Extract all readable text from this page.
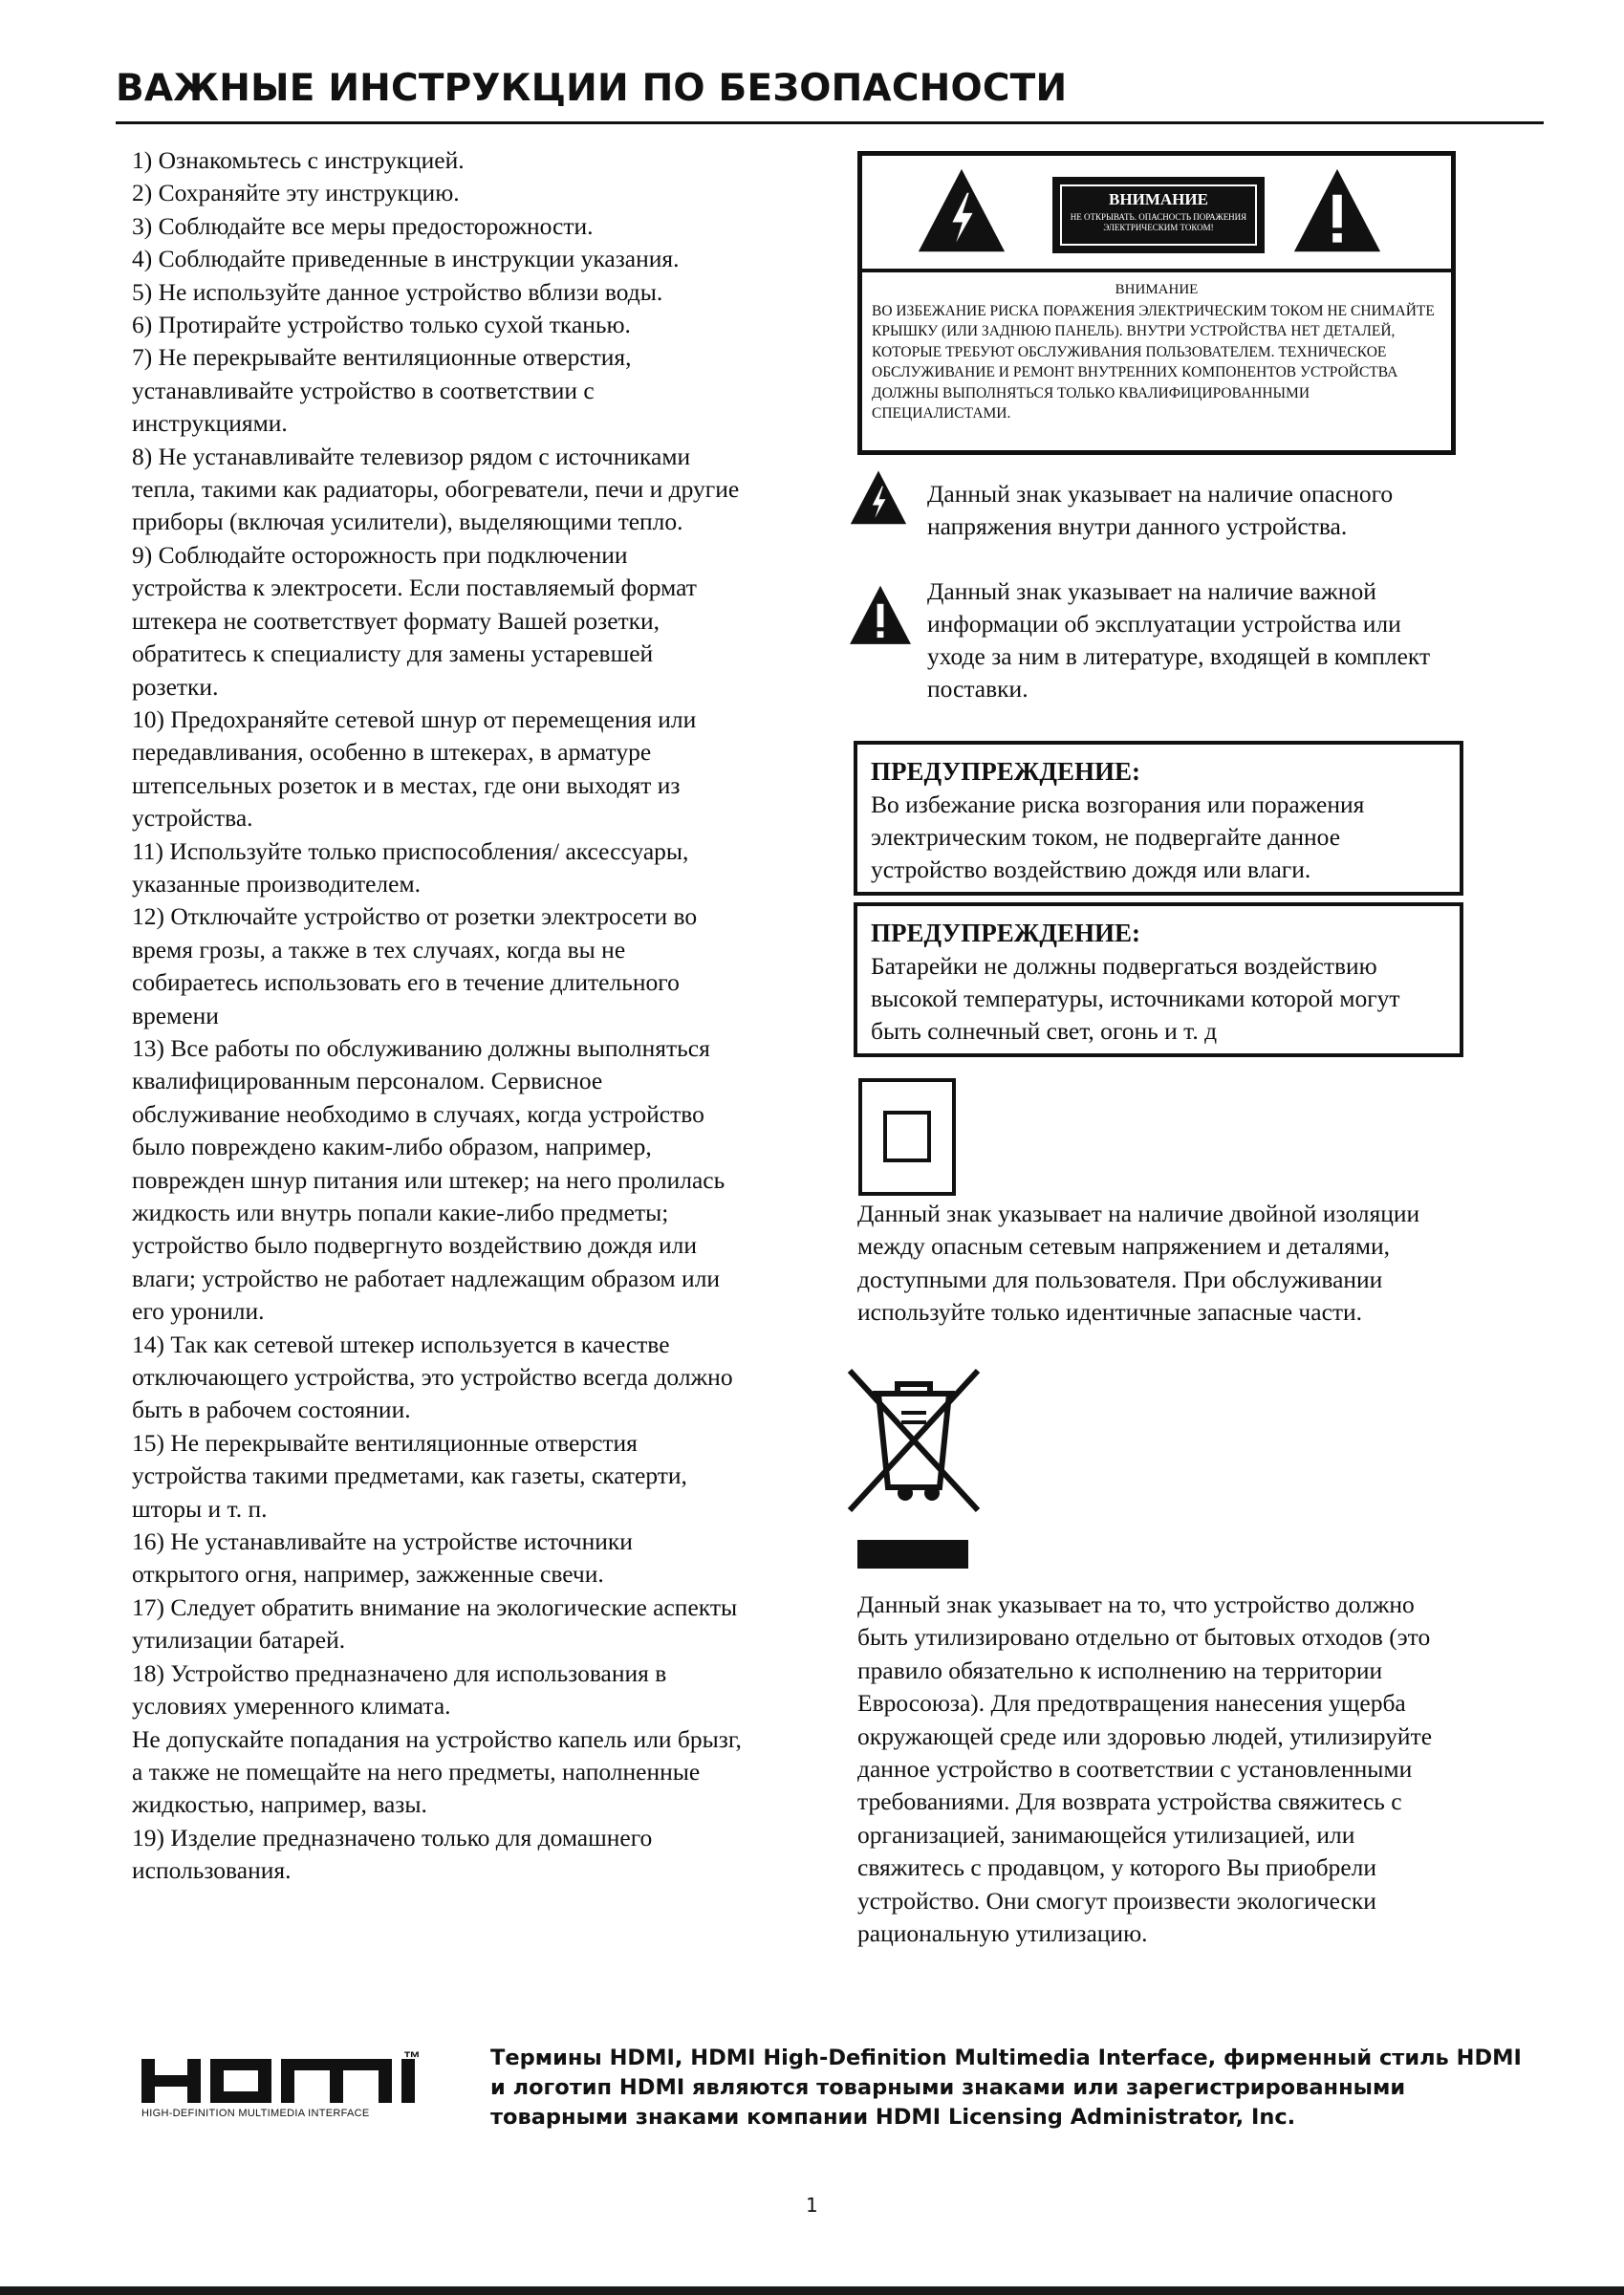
ВАЖНЫЕ ИНСТРУКЦИИ ПО БЕЗОПАСНОСТИ

1) Ознакомьтесь с инструкцией.

2) Сохраняйте эту инструкцию.

3) Соблюдайте все меры предосторожности.

4) Соблюдайте приведенные в инструкции указания.

5) Не используйте данное устройство вблизи воды.

6) Протирайте устройство только сухой тканью.

7) Не перекрывайте вентиляционные отверстия, устанавливайте устройство в соответствии с инструкциями.

8) Не устанавливайте телевизор рядом с источниками тепла, такими как радиаторы, обогреватели, печи и другие приборы (включая усилители), выделяющими тепло.

9) Соблюдайте осторожность при подключении устройства к электросети. Если поставляемый формат штекера не соответствует формату Вашей розетки, обратитесь к специалисту для замены устаревшей розетки.

10) Предохраняйте сетевой шнур от перемещения или передавливания, особенно в штекерах, в арматуре штепсельных розеток и в местах, где они выходят из устройства.

11) Используйте только приспособления/ аксессуары, указанные производителем.

12) Отключайте устройство от розетки электросети во время грозы, а также в тех случаях, когда вы не собираетесь использовать его в течение длительного времени

13) Все работы по обслуживанию должны выполняться квалифицированным персоналом. Сервисное обслуживание необходимо в случаях, когда устройство было повреждено каким-либо образом, например, поврежден шнур питания или штекер; на него пролилась жидкость или внутрь попали какие-либо предметы; устройство было подвергнуто воздействию дождя или влаги; устройство не работает надлежащим образом или его уронили.

14) Так как сетевой штекер используется в качестве отключающего устройства, это устройство всегда должно быть в рабочем состоянии.

15) Не перекрывайте вентиляционные отверстия устройства такими предметами, как газеты, скатерти, шторы и т. п.

16) Не устанавливайте на устройстве источники открытого огня, например, зажженные свечи.

17) Следует обратить внимание на экологические аспекты утилизации батарей.

18) Устройство предназначено для использования в условиях умеренного климата.

Не допускайте попадания на устройство капель или брызг, а также не помещайте на него предметы, наполненные жидкостью, например, вазы.

19) Изделие предназначено только для домашнего использования.

ВНИМАНИЕ
НЕ ОТКРЫВАТЬ. ОПАСНОСТЬ ПОРАЖЕНИЯ ЭЛЕКТРИЧЕСКИМ ТОКОМ!
ВНИМАНИЕ
ВО ИЗБЕЖАНИЕ РИСКА ПОРАЖЕНИЯ ЭЛЕКТРИЧЕСКИМ ТОКОМ НЕ СНИМАЙТЕ КРЫШКУ (ИЛИ ЗАДНЮЮ ПАНЕЛЬ). ВНУТРИ УСТРОЙСТВА НЕТ ДЕТАЛЕЙ, КОТОРЫЕ ТРЕБУЮТ ОБСЛУЖИВАНИЯ ПОЛЬЗОВАТЕЛЕМ. ТЕХНИЧЕСКОЕ ОБСЛУЖИВАНИЕ И РЕМОНТ ВНУТРЕННИХ КОМПОНЕНТОВ УСТРОЙСТВА ДОЛЖНЫ ВЫПОЛНЯТЬСЯ ТОЛЬКО КВАЛИФИЦИРОВАННЫМИ СПЕЦИАЛИСТАМИ.
Данный знак указывает на наличие опасного напряжения внутри данного устройства.
Данный знак указывает на наличие важной информации об эксплуатации устройства или уходе за ним в литературе, входящей в комплект поставки.
ПРЕДУПРЕЖДЕНИЕ:
Во избежание риска возгорания или поражения электрическим током, не подвергайте данное устройство воздействию дождя или влаги.
ПРЕДУПРЕЖДЕНИЕ:
Батарейки не должны подвергаться воздействию высокой температуры, источниками которой могут быть солнечный свет, огонь и т. д
Данный знак указывает на наличие двойной изоляции между опасным сетевым напряжением и деталями, доступными для пользователя. При обслуживании используйте только идентичные запасные части.
Данный знак указывает на то, что устройство должно быть утилизировано отдельно от бытовых отходов (это правило обязательно к исполнению на территории Евросоюза). Для предотвращения нанесения ущерба окружающей среде или здоровью людей, утилизируйте данное устройство в соответствии с установленными требованиями. Для возврата устройства свяжитесь с организацией, занимающейся утилизацией, или свяжитесь с продавцом, у которого Вы приобрели устройство. Они смогут произвести экологически рациональную утилизацию.
™
HIGH-DEFINITION MULTIMEDIA INTERFACE
Термины HDMI, HDMI High-Definition Multimedia Interface, фирменный стиль HDMI и логотип HDMI являются товарными знаками или зарегистрированными товарными знаками компании HDMI Licensing Administrator, Inc.
1
